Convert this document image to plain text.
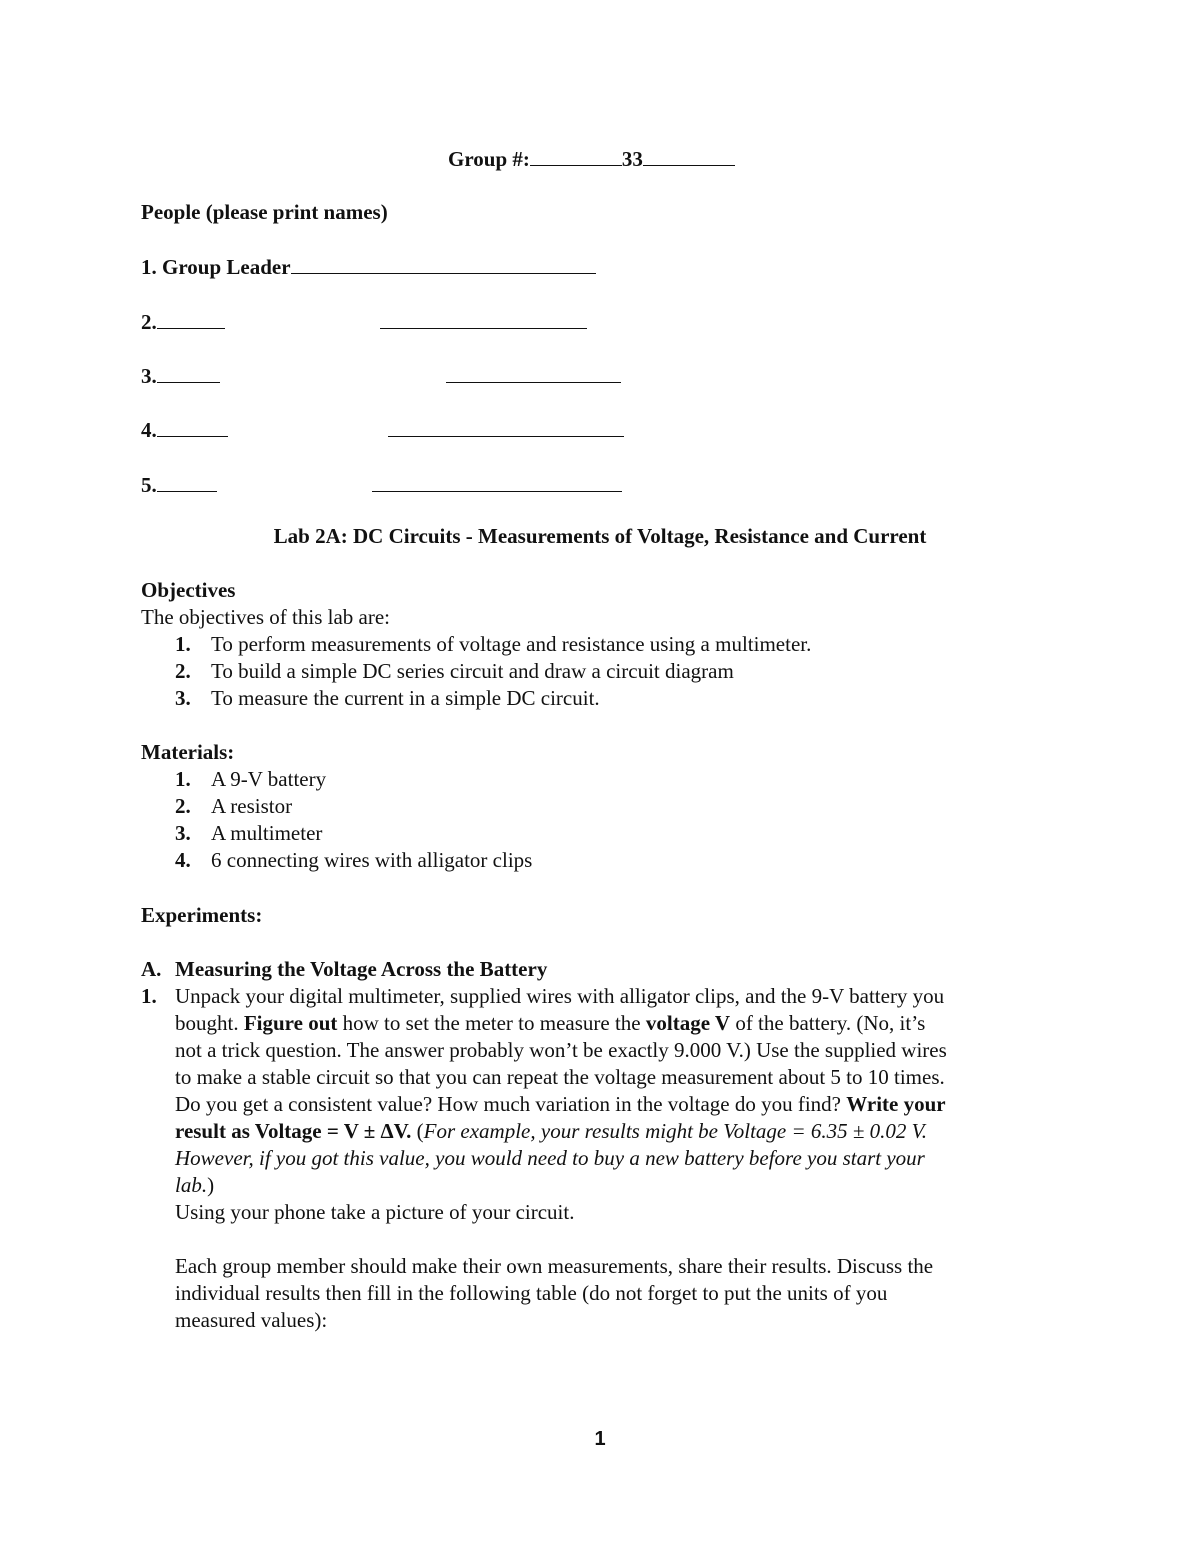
Group #:	33
People (please print names)
1. Group Leader
2.
3.
4.
5.
Lab 2A: DC Circuits - Measurements of Voltage, Resistance and Current
Objectives
The objectives of this lab are:
1. To perform measurements of voltage and resistance using a multimeter.
2. To build a simple DC series circuit and draw a circuit diagram
3. To measure the current in a simple DC circuit.
Materials:
1. A 9-V battery
2. A resistor
3. A multimeter
4. 6 connecting wires with alligator clips
Experiments:
A. Measuring the Voltage Across the Battery
1. Unpack your digital multimeter, supplied wires with alligator clips, and the 9-V battery you
bought. Figure out how to set the meter to measure the voltage V of the battery. (No, it’s
not a trick question. The answer probably won’t be exactly 9.000 V.) Use the supplied wires
to make a stable circuit so that you can repeat the voltage measurement about 5 to 10 times.
Do you get a consistent value? How much variation in the voltage do you find? Write your
result as Voltage = V ± ΔV. (For example, your results might be Voltage = 6.35 ± 0.02 V.
However, if you got this value, you would need to buy a new battery before you start your
lab.)
Using your phone take a picture of your circuit.
Each group member should make their own measurements, share their results. Discuss the
individual results then fill in the following table (do not forget to put the units of you
measured values):
1
